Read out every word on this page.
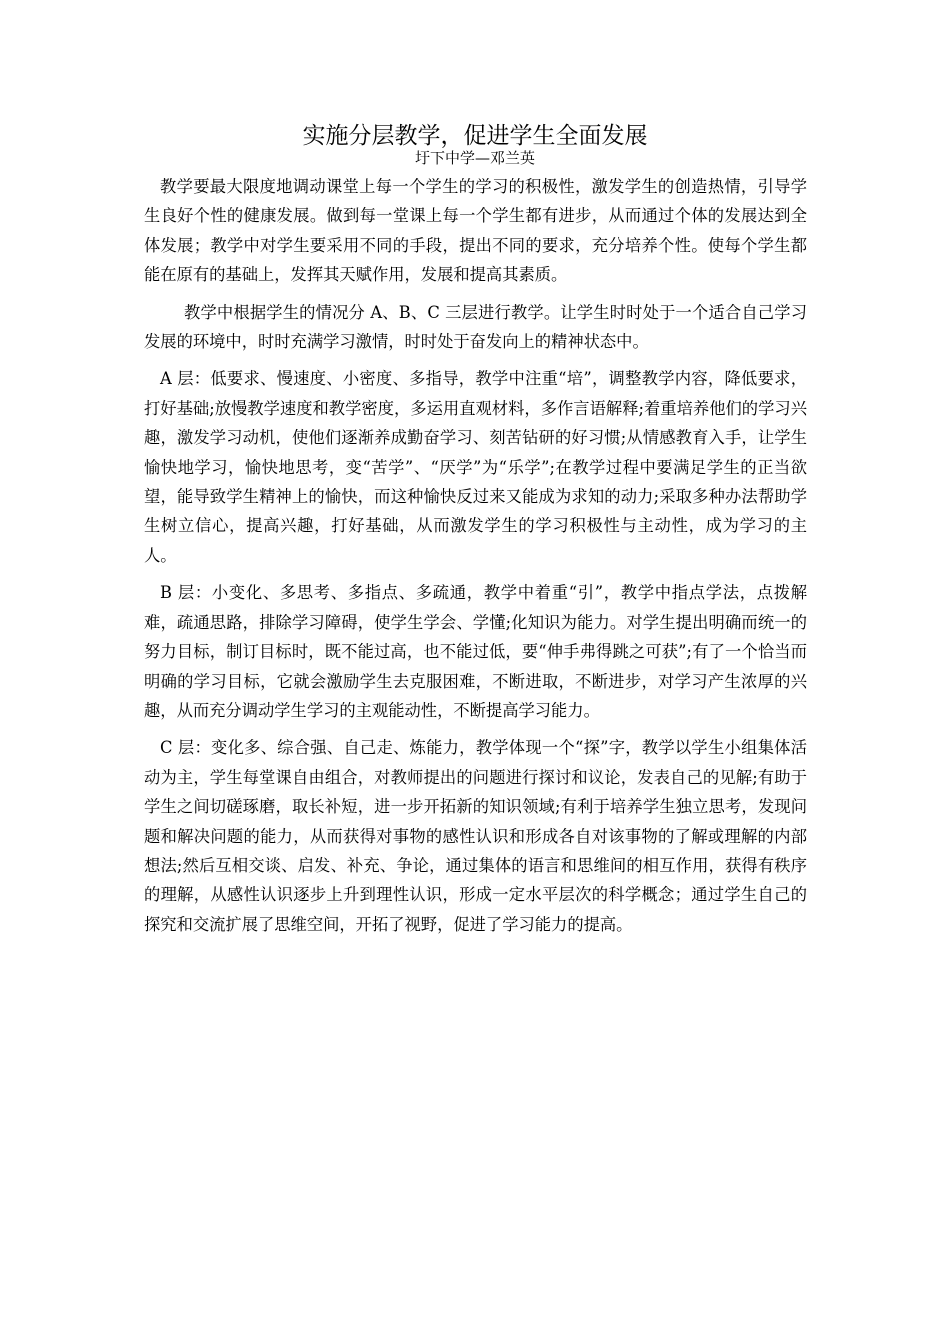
实施分层教学，促进学生全面发展
圩下中学—邓兰英

教学要最大限度地调动课堂上每一个学生的学习的积极性，激发学生的创造热情，引导学生良好个性的健康发展。做到每一堂课上每一个学生都有进步，从而通过个体的发展达到全体发展；教学中对学生要采用不同的手段，提出不同的要求，充分培养个性。使每个学生都能在原有的基础上，发挥其天赋作用，发展和提高其素质。

教学中根据学生的情况分 A、B、C 三层进行教学。让学生时时处于一个适合自己学习发展的环境中，时时充满学习激情，时时处于奋发向上的精神状态中。

A 层：低要求、慢速度、小密度、多指导，教学中注重“培”，调整教学内容，降低要求，打好基础;放慢教学速度和教学密度，多运用直观材料，多作言语解释;着重培养他们的学习兴趣，激发学习动机，使他们逐渐养成勤奋学习、刻苦钻研的好习惯;从情感教育入手，让学生愉快地学习，愉快地思考，变“苦学”、“厌学”为“乐学”;在教学过程中要满足学生的正当欲望，能导致学生精神上的愉快，而这种愉快反过来又能成为求知的动力;采取多种办法帮助学生树立信心，提高兴趣，打好基础，从而激发学生的学习积极性与主动性，成为学习的主人。

B 层：小变化、多思考、多指点、多疏通，教学中着重“引”，教学中指点学法，点拨解难，疏通思路，排除学习障碍，使学生学会、学懂;化知识为能力。对学生提出明确而统一的努力目标，制订目标时，既不能过高，也不能过低，要“伸手弗得跳之可获”;有了一个恰当而明确的学习目标，它就会激励学生去克服困难，不断进取，不断进步，对学习产生浓厚的兴趣，从而充分调动学生学习的主观能动性，不断提高学习能力。

C 层：变化多、综合强、自己走、炼能力，教学体现一个“探”字，教学以学生小组集体活动为主，学生每堂课自由组合，对教师提出的问题进行探讨和议论，发表自己的见解;有助于学生之间切磋琢磨，取长补短，进一步开拓新的知识领域;有利于培养学生独立思考，发现问题和解决问题的能力，从而获得对事物的感性认识和形成各自对该事物的了解或理解的内部想法;然后互相交谈、启发、补充、争论，通过集体的语言和思维间的相互作用，获得有秩序的理解，从感性认识逐步上升到理性认识，形成一定水平层次的科学概念；通过学生自己的探究和交流扩展了思维空间，开拓了视野，促进了学习能力的提高。
